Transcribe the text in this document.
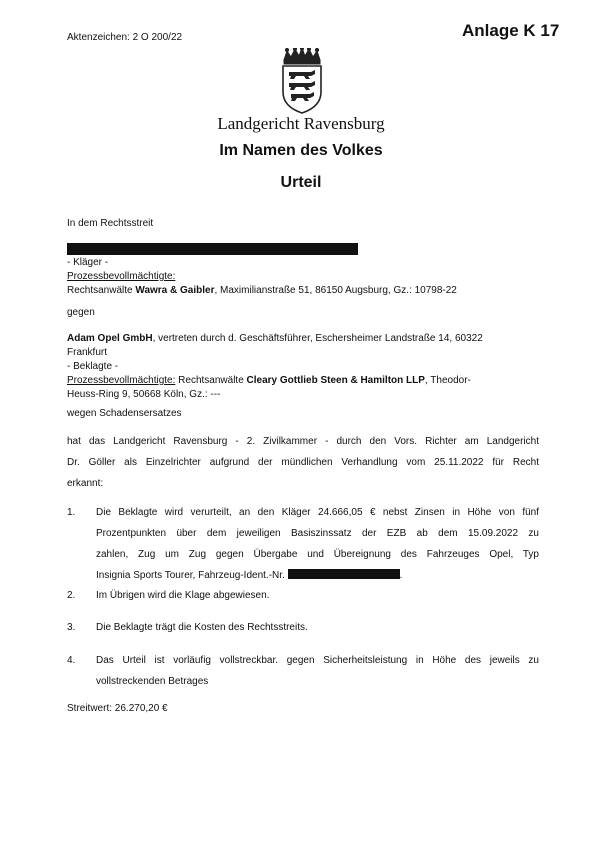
Aktenzeichen: 2 O 200/22	Anlage K 17
Landgericht Ravensburg
Im Namen des Volkes
Urteil
In dem Rechtsstreit
- Kläger -
Prozessbevollmächtigte:
Rechtsanwälte Wawra & Gaibler, Maximilianstraße 51, 86150 Augsburg, Gz.: 10798-22
gegen
Adam Opel GmbH, vertreten durch d. Geschäftsführer, Eschersheimer Landstraße 14, 60322
Frankfurt
- Beklagte -
Prozessbevollmächtigte: Rechtsanwälte Cleary Gottlieb Steen & Hamilton LLP, Theodor-
Heuss-Ring 9, 50668 Köln, Gz.: ---
wegen Schadensersatzes
hat das Landgericht Ravensburg - 2. Zivilkammer - durch den Vors. Richter am Landgericht
Dr. Göller als Einzelrichter aufgrund der mündlichen Verhandlung vom 25.11.2022 für Recht
erkannt:
1. Die Beklagte wird verurteilt, an den Kläger 24.666,05 € nebst Zinsen in Höhe von fünf
Prozentpunkten über dem jeweiligen Basiszinssatz der EZB ab dem 15.09.2022 zu
zahlen, Zug um Zug gegen Übergabe und Übereignung des Fahrzeuges Opel, Typ
Insignia Sports Tourer, Fahrzeug-Ident.-Nr.	.
2. Im Übrigen wird die Klage abgewiesen.
3. Die Beklagte trägt die Kosten des Rechtsstreits.
4. Das Urteil ist vorläufig vollstreckbar. gegen Sicherheitsleistung in Höhe des jeweils zu
vollstreckenden Betrages
Streitwert: 26.270,20 €
